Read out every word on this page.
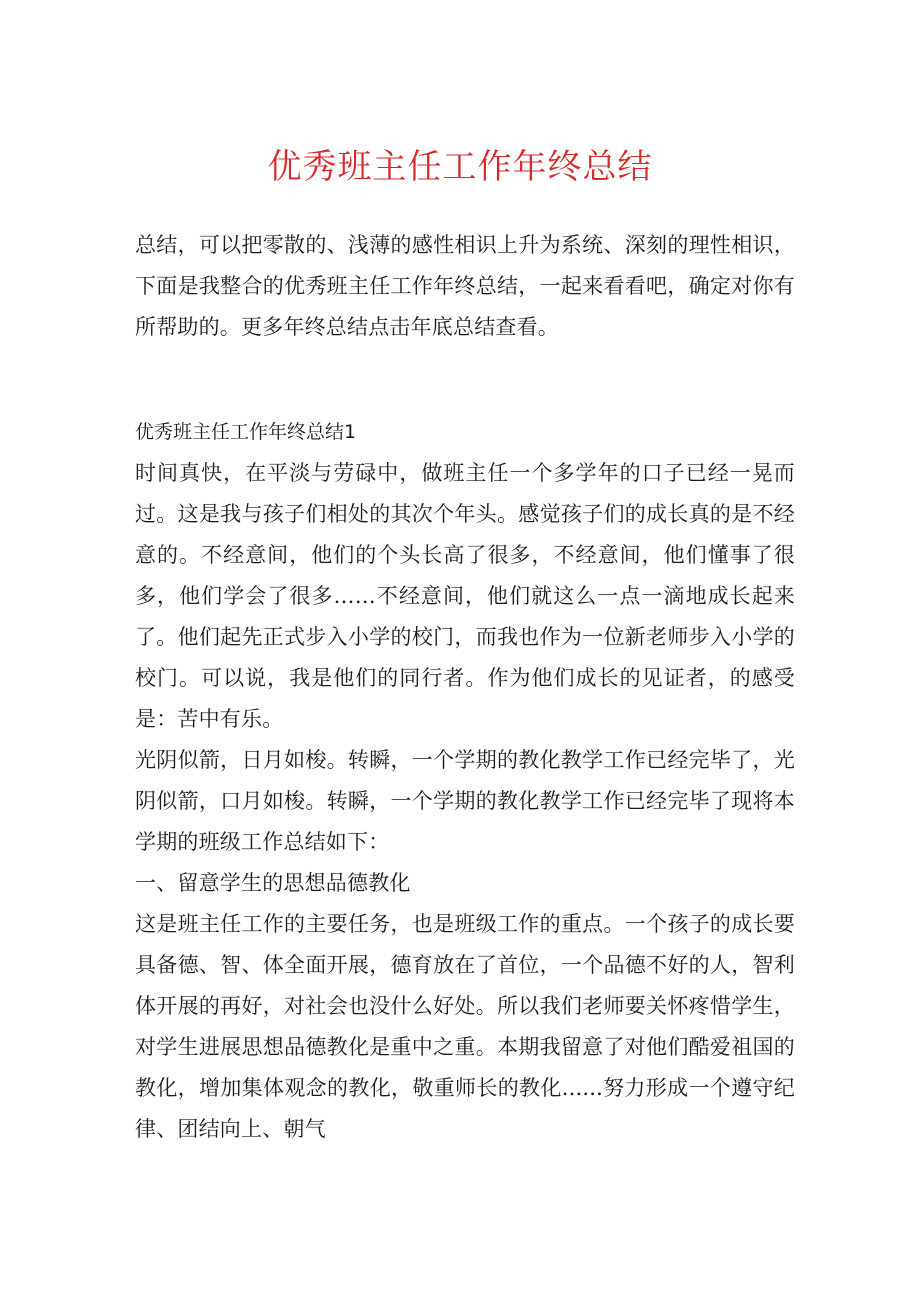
优秀班主任工作年终总结

总结，可以把零散的、浅薄的感性相识上升为系统、深刻的理性相识，下面是我整合的优秀班主任工作年终总结，一起来看看吧，确定对你有所帮助的。更多年终总结点击年底总结查看。

优秀班主任工作年终总结1

时间真快，在平淡与劳碌中，做班主任一个多学年的口子已经一晃而过。这是我与孩子们相处的其次个年头。感觉孩子们的成长真的是不经意的。不经意间，他们的个头长高了很多，不经意间，他们懂事了很多，他们学会了很多……不经意间，他们就这么一点一滴地成长起来了。他们起先正式步入小学的校门，而我也作为一位新老师步入小学的校门。可以说，我是他们的同行者。作为他们成长的见证者，的感受是：苦中有乐。

光阴似箭，日月如梭。转瞬，一个学期的教化教学工作已经完毕了，光阴似箭，口月如梭。转瞬，一个学期的教化教学工作已经完毕了现将本学期的班级工作总结如下：

一、留意学生的思想品德教化

这是班主任工作的主要任务，也是班级工作的重点。一个孩子的成长要具备德、智、体全面开展，德育放在了首位，一个品德不好的人，智利体开展的再好，对社会也没什么好处。所以我们老师要关怀疼惜学生，对学生进展思想品德教化是重中之重。本期我留意了对他们酷爱祖国的教化，增加集体观念的教化，敬重师长的教化......努力形成一个遵守纪律、团结向上、朝气
